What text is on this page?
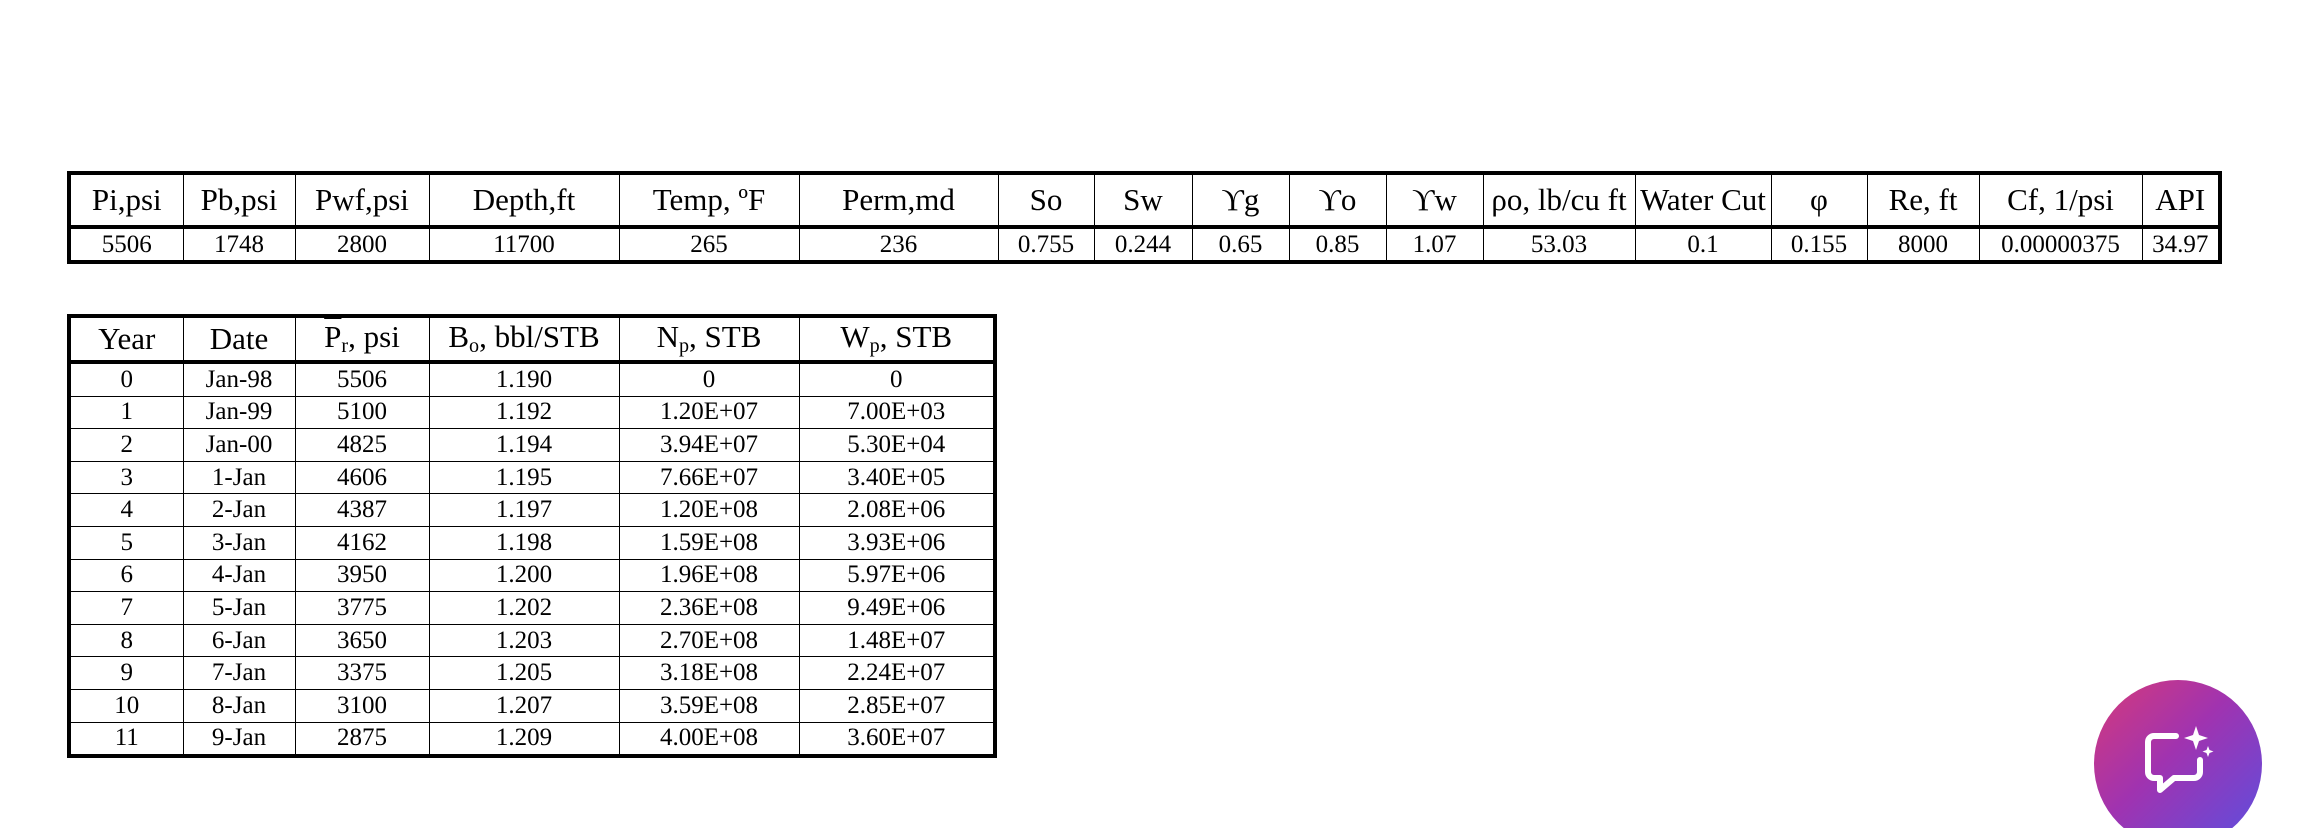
Pi,psi	Pb,psi	Pwf,psi	Depth,ft	Temp, ºF	Perm,md	So	Sw	ϒg	ϒo	ϒw	ρo, lb/cu ft	Water Cut	φ	Re, ft	Cf, 1/psi	API
5506	1748	2800	11700	265	236	0.755	0.244	0.65	0.85	1.07	53.03	0.1	0.155	8000	0.00000375	34.97
Year	Date	$\overline{P}_r$, psi	$B_o$, bbl/STB	$N_p$, STB	$W_p$, STB
0	Jan-98	5506	1.190	0	0
1	Jan-99	5100	1.192	1.20E+07	7.00E+03
2	Jan-00	4825	1.194	3.94E+07	5.30E+04
3	1-Jan	4606	1.195	7.66E+07	3.40E+05
4	2-Jan	4387	1.197	1.20E+08	2.08E+06
5	3-Jan	4162	1.198	1.59E+08	3.93E+06
6	4-Jan	3950	1.200	1.96E+08	5.97E+06
7	5-Jan	3775	1.202	2.36E+08	9.49E+06
8	6-Jan	3650	1.203	2.70E+08	1.48E+07
9	7-Jan	3375	1.205	3.18E+08	2.24E+07
10	8-Jan	3100	1.207	3.59E+08	2.85E+07
11	9-Jan	2875	1.209	4.00E+08	3.60E+07
